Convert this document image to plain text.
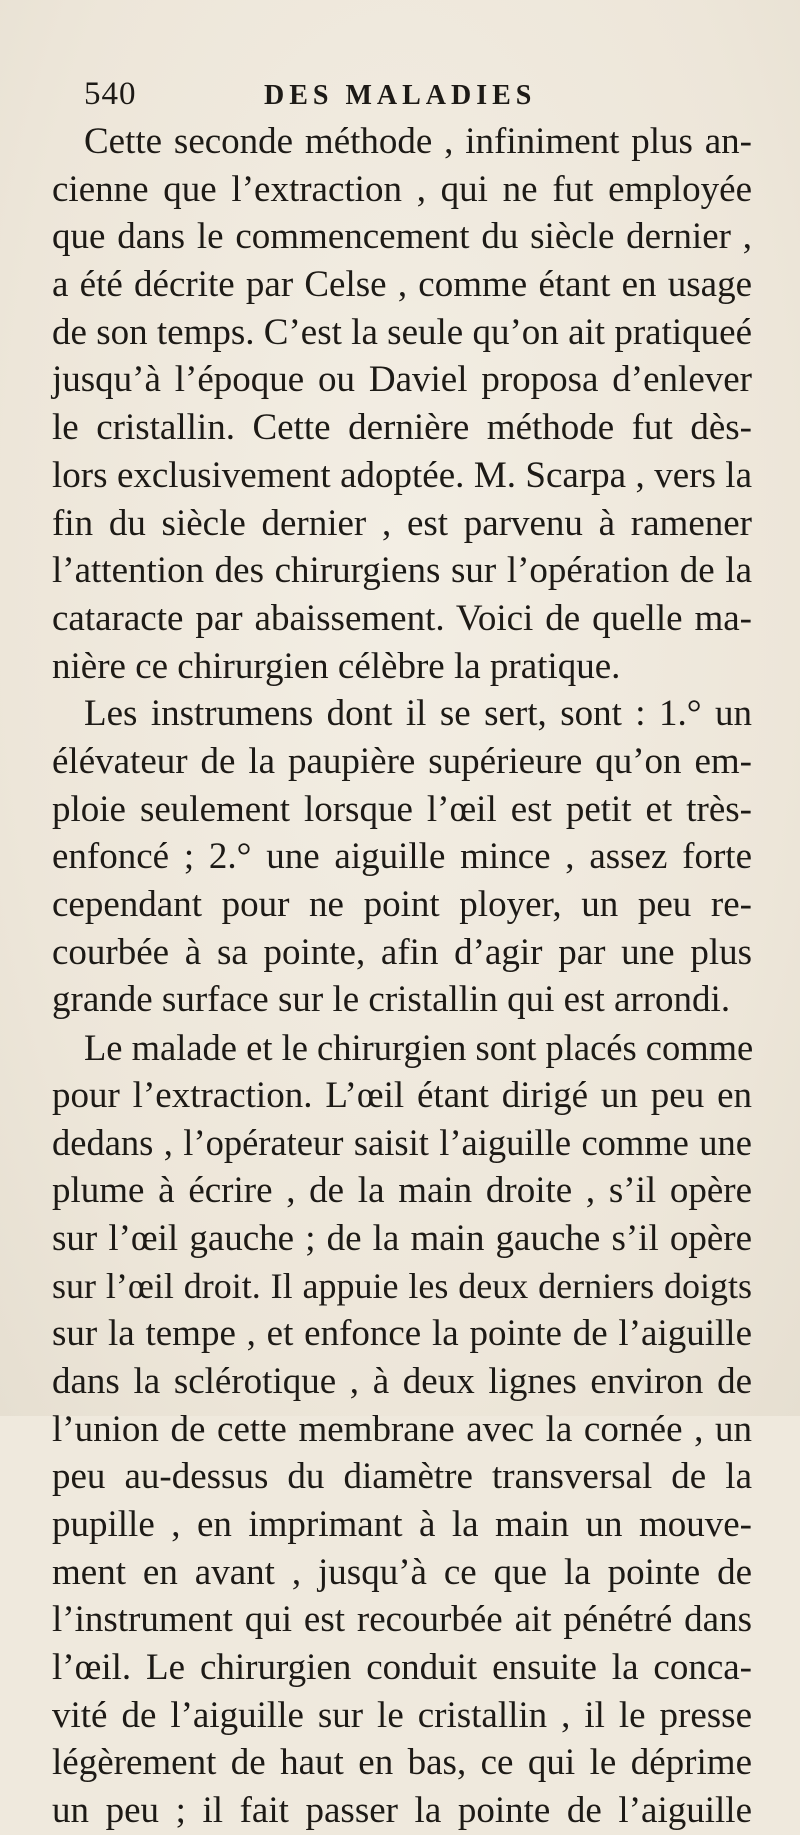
540	DES MALADIES
Cette seconde méthode , infiniment plus an-
cienne que l’extraction , qui ne fut employée
que dans le commencement du siècle dernier ,
a été décrite par Celse , comme étant en usage
de son temps. C’est la seule qu’on ait pratiqueé
jusqu’à l’époque ou Daviel proposa d’enlever
le cristallin. Cette dernière méthode fut dès-
lors exclusivement adoptée. M. Scarpa , vers la
fin du siècle dernier , est parvenu à ramener
l’attention des chirurgiens sur l’opération de la
cataracte par abaissement. Voici de quelle ma-
nière ce chirurgien célèbre la pratique.
Les instrumens dont il se sert, sont : 1.° un
élévateur de la paupière supérieure qu’on em-
ploie seulement lorsque l’œil est petit et très-
enfoncé ; 2.° une aiguille mince , assez forte
cependant pour ne point ployer, un peu re-
courbée à sa pointe, afin d’agir par une plus
grande surface sur le cristallin qui est arrondi.
Le malade et le chirurgien sont placés comme
pour l’extraction. L’œil étant dirigé un peu en
dedans , l’opérateur saisit l’aiguille comme une
plume à écrire , de la main droite , s’il opère
sur l’œil gauche ; de la main gauche s’il opère
sur l’œil droit. Il appuie les deux derniers doigts
sur la tempe , et enfonce la pointe de l’aiguille
dans la sclérotique , à deux lignes environ de
l’union de cette membrane avec la cornée , un
peu au-dessus du diamètre transversal de la
pupille , en imprimant à la main un mouve-
ment en avant , jusqu’à ce que la pointe de
l’instrument qui est recourbée ait pénétré dans
l’œil. Le chirurgien conduit ensuite la conca-
vité de l’aiguille sur le cristallin , il le presse
légèrement de haut en bas, ce qui le déprime
un peu ; il fait passer la pointe de l’aiguille
